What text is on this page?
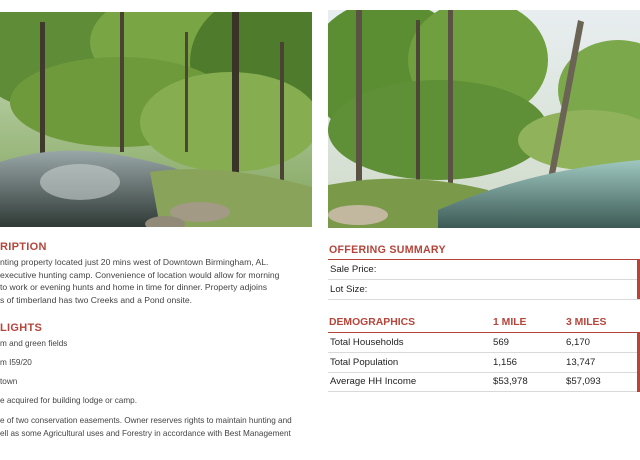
RIPTION
nting property located just 20 mins west of Downtown Birmingham, AL.
executive hunting camp. Convenience of location would allow for morning
to work or evening hunts and home in time for dinner. Property adjoins
s of timberland has two Creeks and a Pond onsite.
LIGHTS
m and green fields
m I59/20
town
e acquired for building lodge or camp.
e of two conservation easements. Owner reserves rights to maintain hunting and
ell as some Agricultural uses and Forestry in accordance with Best Management
OFFERING SUMMARY
Sale Price:
Lot Size:
DEMOGRAPHICS	1 MILE	3 MILES
Total Households	569	6,170
Total Population	1,156	13,747
Average HH Income	$53,978	$57,093
